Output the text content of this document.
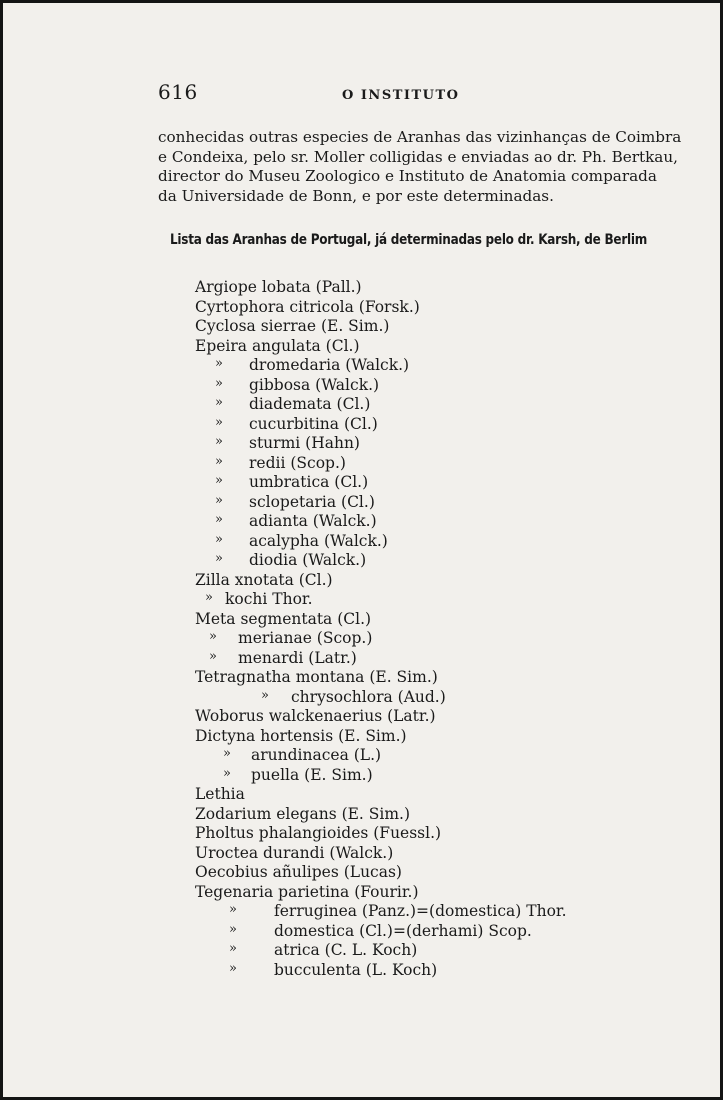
616	O INSTITUTO
conhecidas outras especies de Aranhas das vizinhanças de Coimbra
e Condeixa, pelo sr. Moller colligidas e enviadas ao dr. Ph. Bertkau,
director do Museu Zoologico e Instituto de Anatomia comparada
da Universidade de Bonn, e por este determinadas.
Lista das Aranhas de Portugal, já determinadas pelo dr. Karsh, de Berlim
Argiope lobata (Pall.)
Cyrtophora citricola (Forsk.)
Cyclosa sierrae (E. Sim.)
Epeira angulata (Cl.)
» dromedaria (Walck.)
» gibbosa (Walck.)
» diademata (Cl.)
» cucurbitina (Cl.)
» sturmi (Hahn)
» redii (Scop.)
» umbratica (Cl.)
» sclopetaria (Cl.)
» adianta (Walck.)
» acalypha (Walck.)
» diodia (Walck.)
Zilla xnotata (Cl.)
» kochi Thor.
Meta segmentata (Cl.)
» merianae (Scop.)
» menardi (Latr.)
Tetragnatha montana (E. Sim.)
» chrysochlora (Aud.)
Woborus walckenaerius (Latr.)
Dictyna hortensis (E. Sim.)
» arundinacea (L.)
» puella (E. Sim.)
Lethia
Zodarium elegans (E. Sim.)
Pholtus phalangioides (Fuessl.)
Uroctea durandi (Walck.)
Oecobius añulipes (Lucas)
Tegenaria parietina (Fourir.)
» ferruginea (Panz.)=(domestica) Thor.
» domestica (Cl.)=(derhami) Scop.
» atrica (C. L. Koch)
» bucculenta (L. Koch)
